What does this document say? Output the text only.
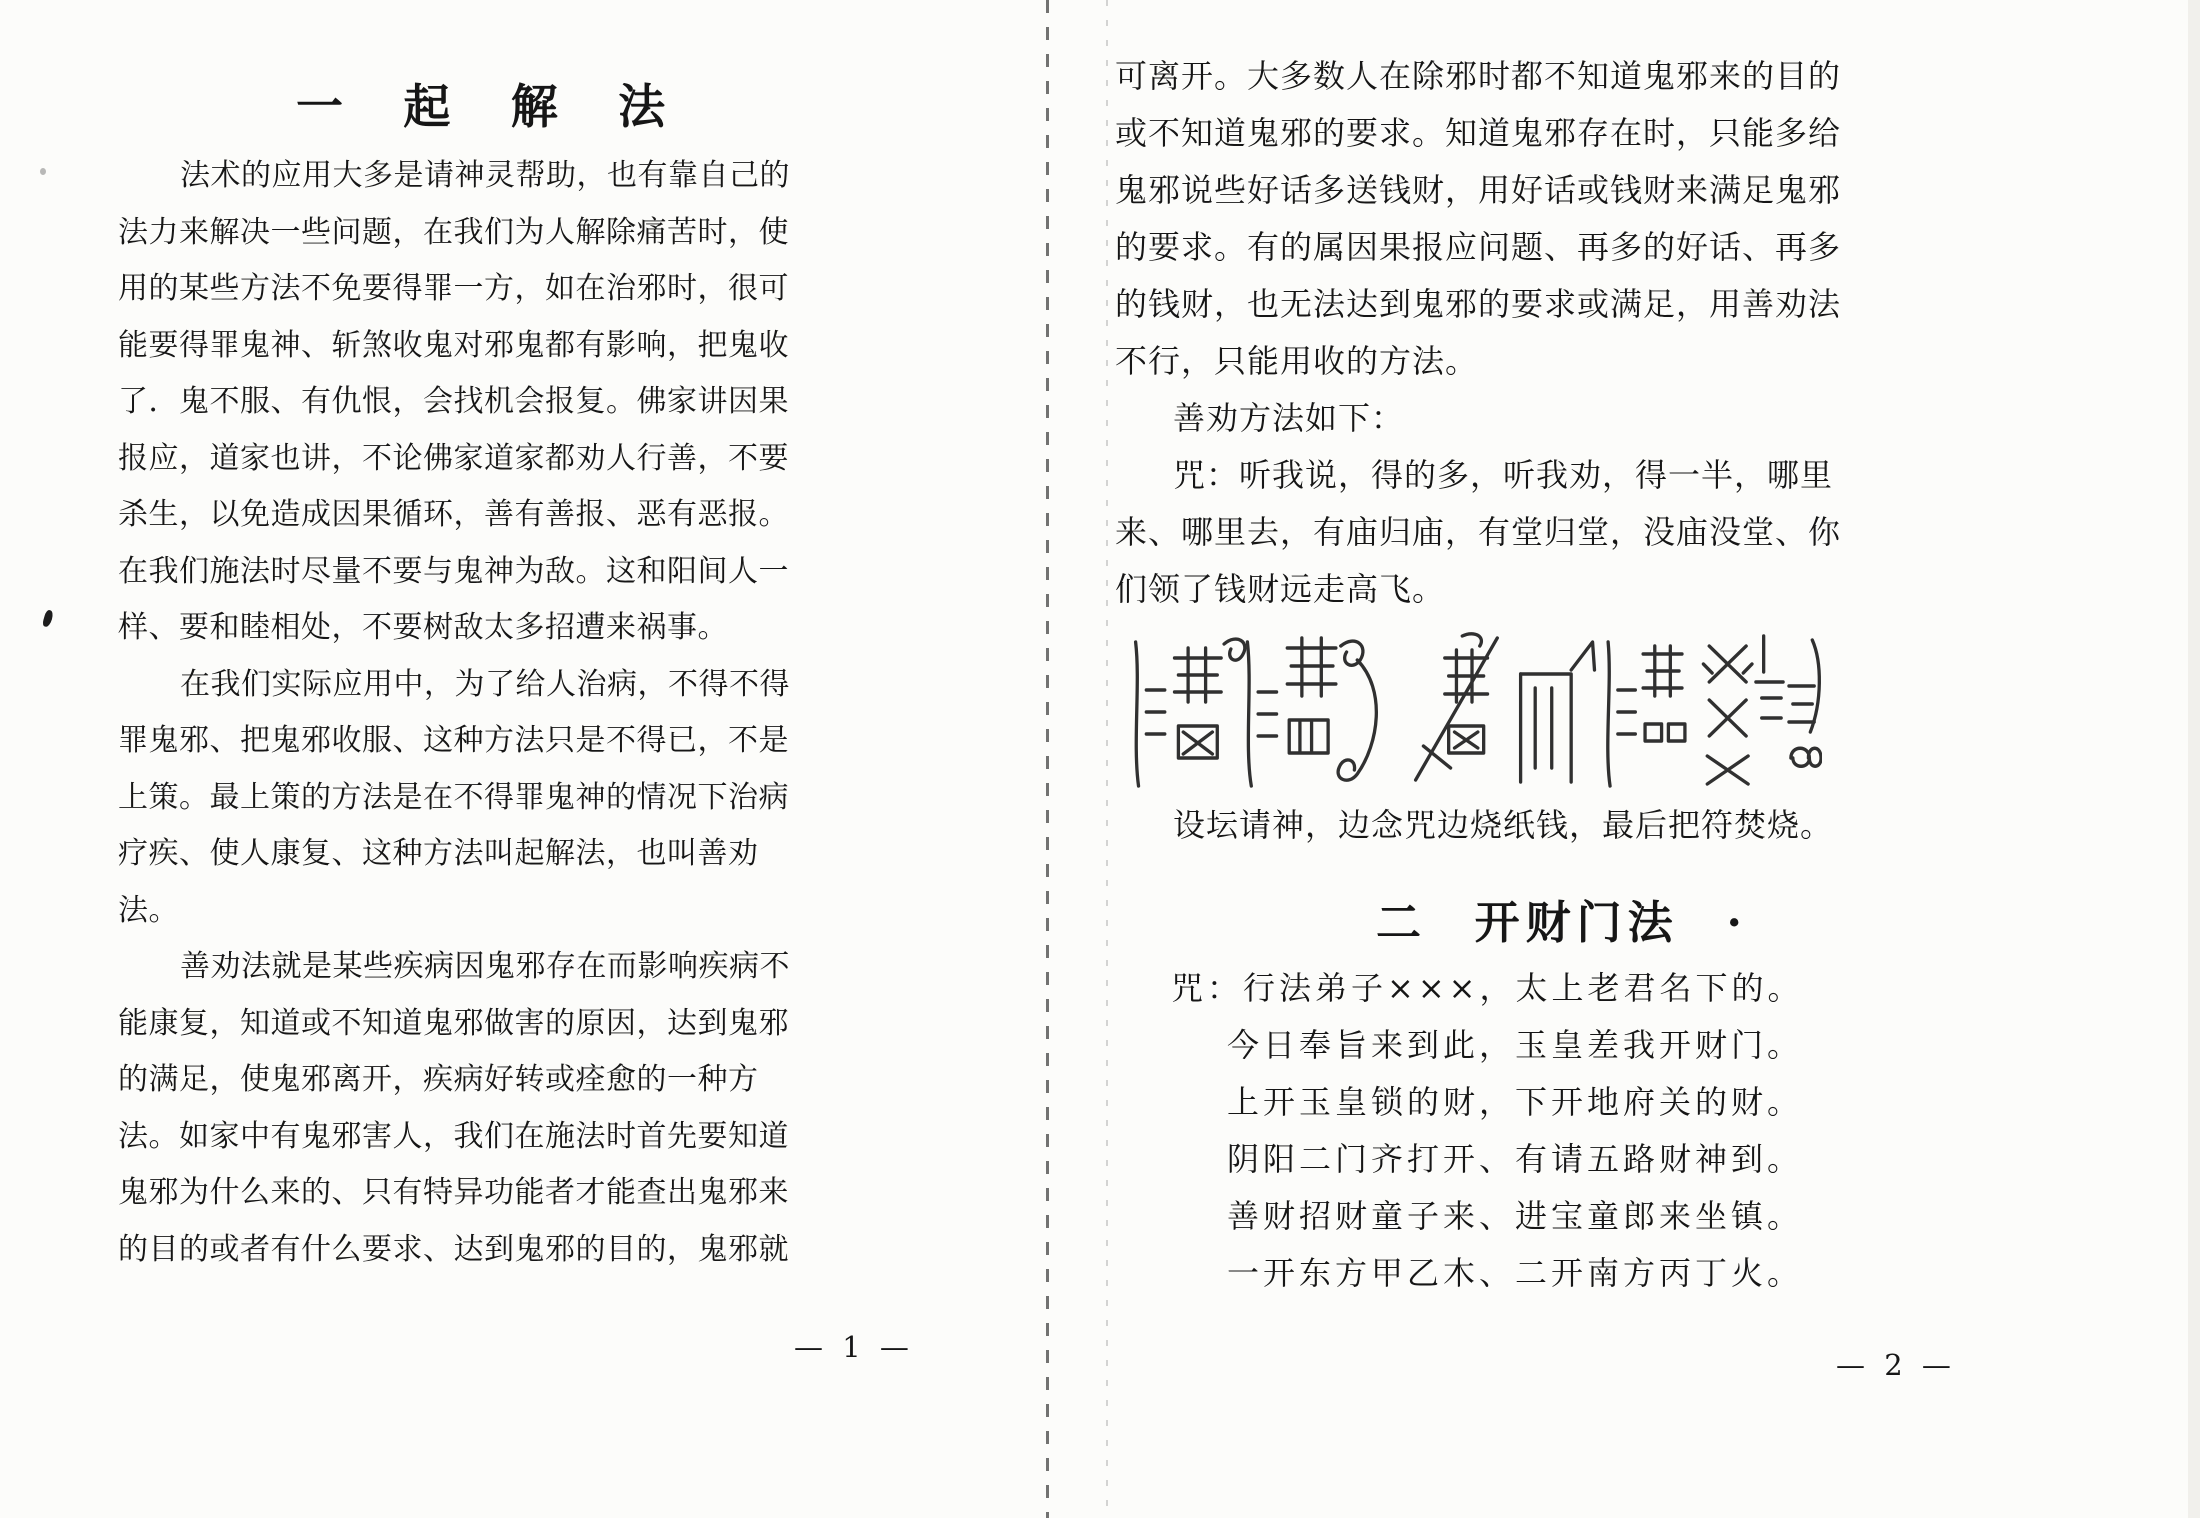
一 起 解 法
法术的应用大多是请神灵帮助，也有靠自己的
法力来解决一些问题，在我们为人解除痛苦时，使
用的某些方法不免要得罪一方，如在治邪时，很可
能要得罪鬼神、斩煞收鬼对邪鬼都有影响，把鬼收
了．鬼不服、有仇恨，会找机会报复。佛家讲因果
报应，道家也讲，不论佛家道家都劝人行善，不要
杀生，以免造成因果循环，善有善报、恶有恶报。
在我们施法时尽量不要与鬼神为敌。这和阳间人一
样、要和睦相处，不要树敌太多招遭来祸事。
在我们实际应用中，为了给人治病，不得不得
罪鬼邪、把鬼邪收服、这种方法只是不得已，不是
上策。最上策的方法是在不得罪鬼神的情况下治病
疗疾、使人康复、这种方法叫起解法，也叫善劝
法。
善劝法就是某些疾病因鬼邪存在而影响疾病不
能康复，知道或不知道鬼邪做害的原因，达到鬼邪
的满足，使鬼邪离开，疾病好转或痊愈的一种方
法。如家中有鬼邪害人，我们在施法时首先要知道
鬼邪为什么来的、只有特异功能者才能查出鬼邪来
的目的或者有什么要求、达到鬼邪的目的，鬼邪就
— 1 —
可离开。大多数人在除邪时都不知道鬼邪来的目的
或不知道鬼邪的要求。知道鬼邪存在时，只能多给
鬼邪说些好话多送钱财，用好话或钱财来满足鬼邪
的要求。有的属因果报应问题、再多的好话、再多
的钱财，也无法达到鬼邪的要求或满足，用善劝法
不行，只能用收的方法。
善劝方法如下：
咒：听我说，得的多，听我劝，得一半，哪里
来、哪里去，有庙归庙，有堂归堂，没庙没堂、你
们领了钱财远走高飞。
设坛请神，边念咒边烧纸钱，最后把符焚烧。
二 开财门法 ·
咒：行法弟子×××，太上老君名下的。
今日奉旨来到此，玉皇差我开财门。
上开玉皇锁的财，下开地府关的财。
阴阳二门齐打开、有请五路财神到。
善财招财童子来、进宝童郎来坐镇。
一开东方甲乙木、二开南方丙丁火。
— 2 —
